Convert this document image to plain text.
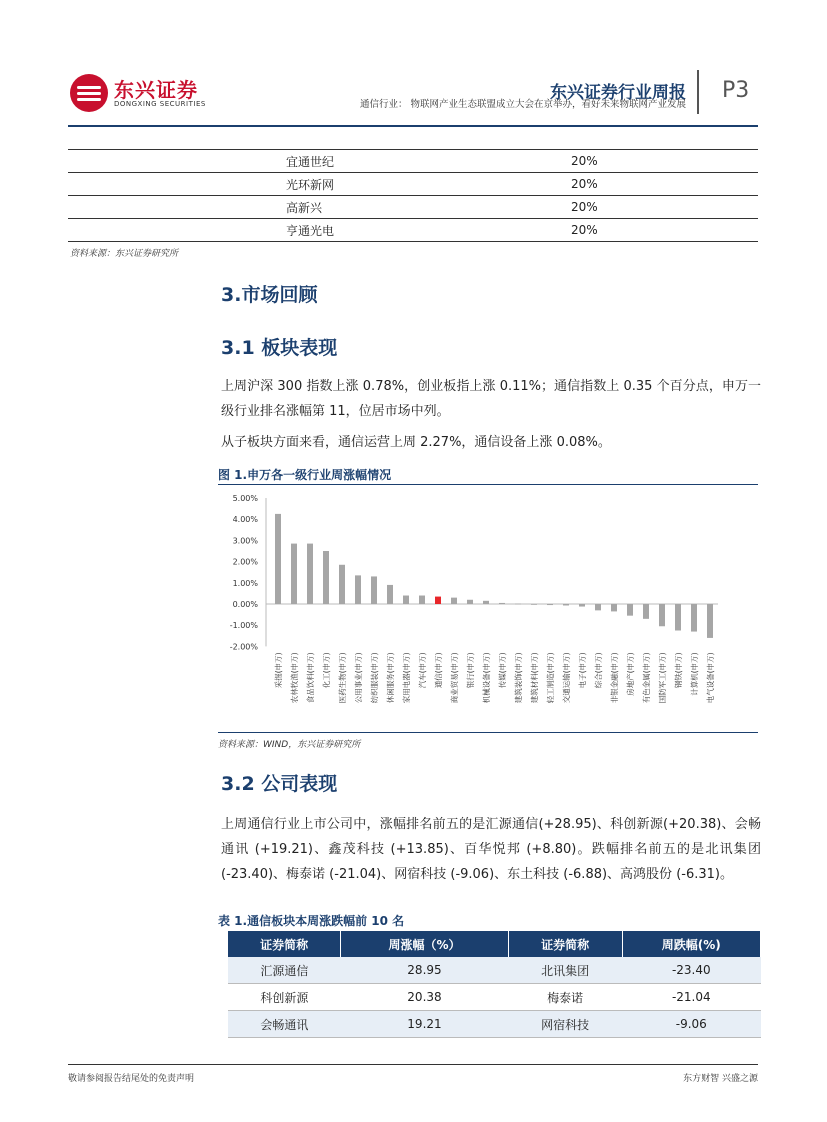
东兴证券
DONGXING SECURITIES
东兴证券行业周报
通信行业： 物联网产业生态联盟成立大会在京举办，看好未来物联网产业发展
P3
宜通世纪	20%
光环新网	20%
高新兴	20%
亨通光电	20%
资料来源：东兴证券研究所
3.市场回顾
3.1 板块表现
上周沪深 300 指数上涨 0.78%，创业板指上涨 0.11%；通信指数上 0.35 个百分点，申万一级行业排名涨幅第 11，位居市场中列。
从子板块方面来看，通信运营上周 2.27%，通信设备上涨 0.08%。
图 1.申万各一级行业周涨幅情况
5.00%
4.00%
3.00%
2.00%
1.00%
0.00%
-1.00%
-2.00%
采掘(申万) 农林牧渔(申万) 食品饮料(申万) 化工(申万) 医药生物(申万) 公用事业(申万) 纺织服装(申万) 休闲服务(申万) 家用电器(申万) 汽车(申万) 通信(申万) 商业贸易(申万) 银行(申万) 机械设备(申万) 传媒(申万) 建筑装饰(申万) 建筑材料(申万) 轻工制造(申万) 交通运输(申万) 电子(申万) 综合(申万) 非银金融(申万) 房地产(申万) 有色金属(申万) 国防军工(申万) 钢铁(申万) 计算机(申万) 电气设备(申万)
资料来源：WIND，东兴证券研究所
3.2 公司表现
上周通信行业上市公司中，涨幅排名前五的是汇源通信(+28.95)、科创新源(+20.38)、会畅通讯 (+19.21)、鑫茂科技 (+13.85)、百华悦邦 (+8.80)。跌幅排名前五的是北讯集团 (-23.40)、梅泰诺 (-21.04)、网宿科技 (-9.06)、东土科技 (-6.88)、高鸿股份 (-6.31)。
表 1.通信板块本周涨跌幅前 10 名
证券简称	周涨幅（%）	证券简称	周跌幅(%)
汇源通信	28.95	北讯集团	-23.40
科创新源	20.38	梅泰诺	-21.04
会畅通讯	19.21	网宿科技	-9.06
敬请参阅报告结尾处的免责声明	东方财智 兴盛之源
